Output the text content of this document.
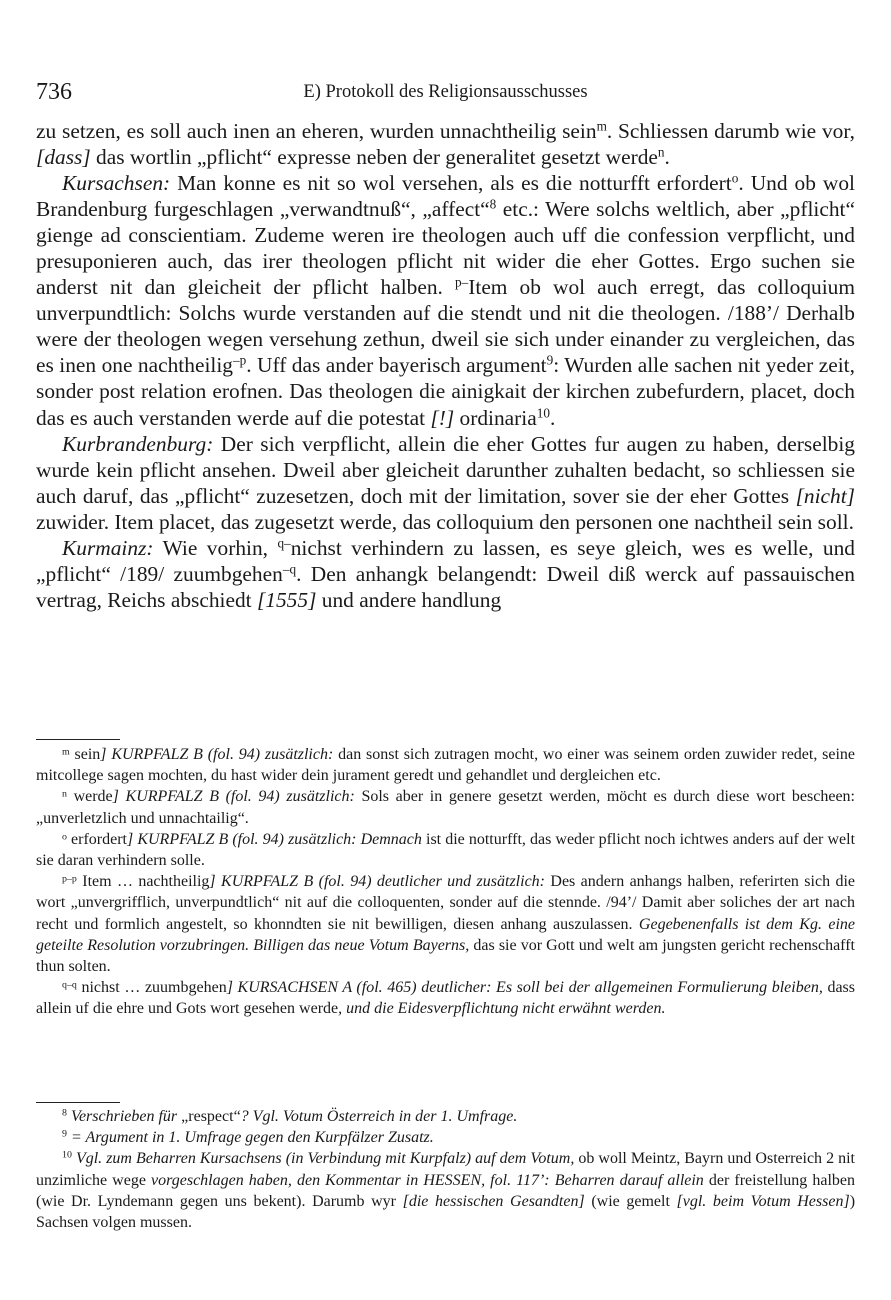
736	E) Protokoll des Religionsausschusses

zu setzen, es soll auch inen an eheren, wurden unnachtheilig sein$^m$. Schliessen darumb wie vor, [dass] das wortlin „pflicht“ expresse neben der generalitet gesetzt werde$^n$.

Kursachsen: Man konne es nit so wol versehen, als es die notturfft erfordert$^o$. Und ob wol Brandenburg furgeschlagen „verwandtnuß“, „affect“$^8$ etc.: Were solchs weltlich, aber „pflicht“ gienge ad conscientiam. Zudeme weren ire theologen auch uff die confession verpflicht, und presuponieren auch, das irer theologen pflicht nit wider die eher Gottes. Ergo suchen sie anderst nit dan gleicheit der pflicht halben. $^{p-}$Item ob wol auch erregt, das colloquium unverpundtlich: Solchs wurde verstanden auf die stendt und nit die theologen. /188’/ Derhalb were der theologen wegen versehung zethun, dweil sie sich under einander zu vergleichen, das es inen one nachtheilig$^{-p}$. Uff das ander bayerisch argument$^9$: Wurden alle sachen nit yeder zeit, sonder post relation erofnen. Das theologen die ainigkait der kirchen zubefurdern, placet, doch das es auch verstanden werde auf die potestat [!] ordinaria$^{10}$.

Kurbrandenburg: Der sich verpflicht, allein die eher Gottes fur augen zu haben, derselbig wurde kein pflicht ansehen. Dweil aber gleicheit darunther zuhalten bedacht, so schliessen sie auch daruf, das „pflicht“ zuzesetzen, doch mit der limitation, sover sie der eher Gottes [nicht] zuwider. Item placet, das zugesetzt werde, das colloquium den personen one nachtheil sein soll.

Kurmainz: Wie vorhin, $^{q-}$nichst verhindern zu lassen, es seye gleich, wes es welle, und „pflicht“ /189/ zuumbgehen$^{-q}$. Den anhangk belangendt: Dweil diß werck auf passauischen vertrag, Reichs abschiedt [1555] und andere handlung

$^m$ sein] KURPFALZ B (fol. 94) zusätzlich: dan sonst sich zutragen mocht, wo einer was seinem orden zuwider redet, seine mitcollege sagen mochten, du hast wider dein jurament geredt und gehandlet und dergleichen etc.

$^n$ werde] KURPFALZ B (fol. 94) zusätzlich: Sols aber in genere gesetzt werden, möcht es durch diese wort bescheen: „unverletzlich und unnachtailig“.

$^o$ erfordert] KURPFALZ B (fol. 94) zusätzlich: Demnach ist die notturfft, das weder pflicht noch ichtwes anders auf der welt sie daran verhindern solle.

$^{p-p}$ Item … nachtheilig] KURPFALZ B (fol. 94) deutlicher und zusätzlich: Des andern anhangs halben, referirten sich die wort „unvergrifflich, unverpundtlich“ nit auf die colloquenten, sonder auf die stennde. /94’/ Damit aber soliches der art nach recht und formlich angestelt, so khonndten sie nit bewilligen, diesen anhang auszulassen. Gegebenenfalls ist dem Kg. eine geteilte Resolution vorzubringen. Billigen das neue Votum Bayerns, das sie vor Gott und welt am jungsten gericht rechenschafft thun solten.

$^{q-q}$ nichst … zuumbgehen] KURSACHSEN A (fol. 465) deutlicher: Es soll bei der allgemeinen Formulierung bleiben, dass allein uf die ehre und Gots wort gesehen werde, und die Eidesverpflichtung nicht erwähnt werden.

$^8$ Verschrieben für „respect“? Vgl. Votum Österreich in der 1. Umfrage.

$^9$ = Argument in 1. Umfrage gegen den Kurpfälzer Zusatz.

$^{10}$ Vgl. zum Beharren Kursachsens (in Verbindung mit Kurpfalz) auf dem Votum, ob woll Meintz, Bayrn und Osterreich 2 nit unzimliche wege vorgeschlagen haben, den Kommentar in HESSEN, fol. 117’: Beharren darauf allein der freistellung halben (wie Dr. Lyndemann gegen uns bekent). Darumb wyr [die hessischen Gesandten] (wie gemelt [vgl. beim Votum Hessen]) Sachsen volgen mussen.
